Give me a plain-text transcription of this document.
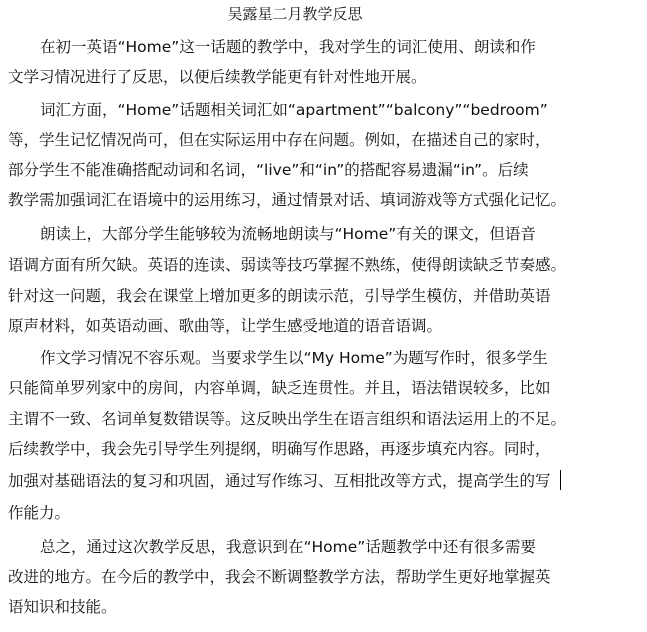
吴露星二月教学反思
在初一英语“Home”这一话题的教学中，我对学生的词汇使用、朗读和作
文学习情况进行了反思，以便后续教学能更有针对性地开展。
词汇方面，“Home”话题相关词汇如“apartment”“balcony”“bedroom”
等，学生记忆情况尚可，但在实际运用中存在问题。例如，在描述自己的家时，
部分学生不能准确搭配动词和名词，“live”和“in”的搭配容易遗漏“in”。后续
教学需加强词汇在语境中的运用练习，通过情景对话、填词游戏等方式强化记忆。
朗读上，大部分学生能够较为流畅地朗读与“Home”有关的课文，但语音
语调方面有所欠缺。英语的连读、弱读等技巧掌握不熟练，使得朗读缺乏节奏感。
针对这一问题，我会在课堂上增加更多的朗读示范，引导学生模仿，并借助英语
原声材料，如英语动画、歌曲等，让学生感受地道的语音语调。
作文学习情况不容乐观。当要求学生以“My Home”为题写作时，很多学生
只能简单罗列家中的房间，内容单调，缺乏连贯性。并且，语法错误较多，比如
主谓不一致、名词单复数错误等。这反映出学生在语言组织和语法运用上的不足。
后续教学中，我会先引导学生列提纲，明确写作思路，再逐步填充内容。同时，
加强对基础语法的复习和巩固，通过写作练习、互相批改等方式，提高学生的写
作能力。
总之，通过这次教学反思，我意识到在“Home”话题教学中还有很多需要
改进的地方。在今后的教学中，我会不断调整教学方法，帮助学生更好地掌握英
语知识和技能。
